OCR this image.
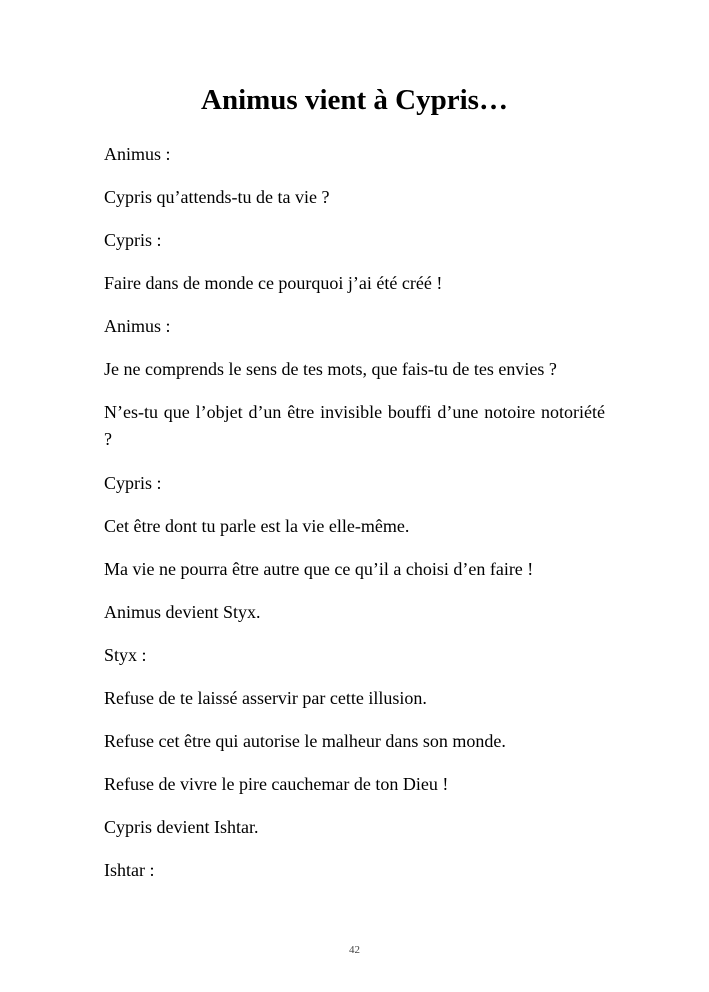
Animus vient à Cypris…

Animus :

Cypris qu’attends-tu de ta vie ?

Cypris :

Faire dans de monde ce pourquoi j’ai été créé !

Animus :

Je ne comprends le sens de tes mots, que fais-tu de tes envies ?

N’es-tu que l’objet d’un être invisible bouffi d’une notoire notoriété ?

Cypris :

Cet être dont tu parle est la vie elle-même.

Ma vie ne pourra être autre que ce qu’il a choisi d’en faire !

Animus devient Styx.

Styx :

Refuse de te laissé asservir par cette illusion.

Refuse cet être qui autorise le malheur dans son monde.

Refuse de vivre le pire cauchemar de ton Dieu !

Cypris devient Ishtar.

Ishtar :

42
